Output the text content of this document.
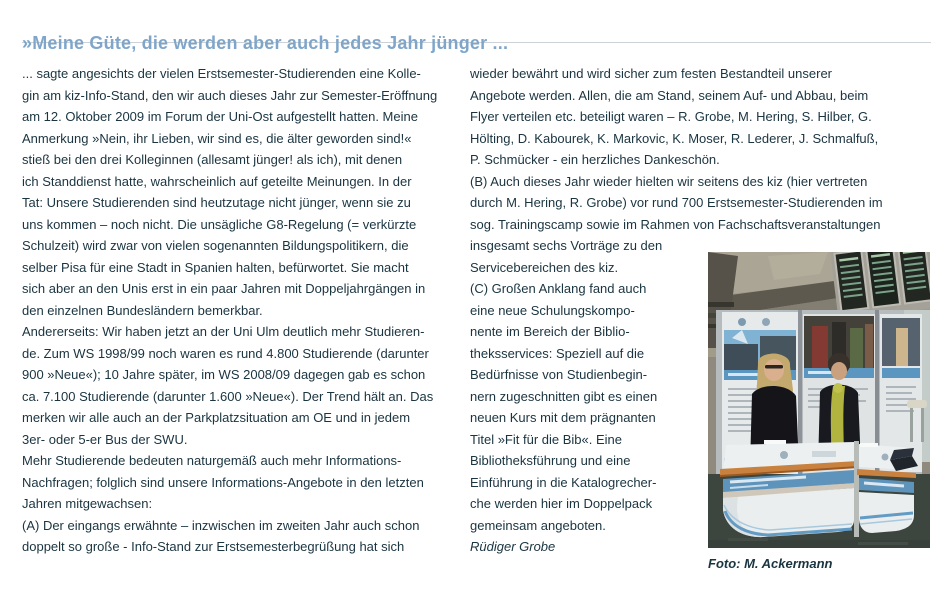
»Meine Güte, die werden aber auch jedes Jahr jünger ...
... sagte angesichts der vielen Erstsemester-Studierenden eine Kolle-
gin am kiz-Info-Stand, den wir auch dieses Jahr zur Semester-Eröffnung
am 12. Oktober 2009 im Forum der Uni-Ost aufgestellt hatten. Meine
Anmerkung »Nein, ihr Lieben, wir sind es, die älter geworden sind!«
stieß bei den drei Kolleginnen (allesamt jünger! als ich), mit denen
ich Standdienst hatte, wahrscheinlich auf geteilte Meinungen. In der
Tat: Unsere Studierenden sind heutzutage nicht jünger, wenn sie zu
uns kommen – noch nicht. Die unsägliche G8-Regelung (= verkürzte
Schulzeit) wird zwar von vielen sogenannten Bildungspolitikern, die
selber Pisa für eine Stadt in Spanien halten, befürwortet. Sie macht
sich aber an den Unis erst in ein paar Jahren mit Doppeljahrgängen in
den einzelnen Bundesländern bemerkbar.
Andererseits: Wir haben jetzt an der Uni Ulm deutlich mehr Studieren-
de. Zum WS 1998/99 noch waren es rund 4.800 Studierende (darunter
900 »Neue«); 10 Jahre später, im WS 2008/09 dagegen gab es schon
ca. 7.100 Studierende (darunter 1.600 »Neue«). Der Trend hält an. Das
merken wir alle auch an der Parkplatzsituation am OE und in jedem
3er- oder 5-er Bus der SWU.
Mehr Studierende bedeuten naturgemäß auch mehr Informations-
Nachfragen; folglich sind unsere Informations-Angebote in den letzten
Jahren mitgewachsen:
(A) Der eingangs erwähnte – inzwischen im zweiten Jahr auch schon
doppelt so große - Info-Stand zur Erstsemesterbegrüßung hat sich
wieder bewährt und wird sicher zum festen Bestandteil unserer
Angebote werden. Allen, die am Stand, seinem Auf- und Abbau, beim
Flyer verteilen etc. beteiligt waren – R. Grobe, M. Hering, S. Hilber, G.
Hölting, D. Kabourek, K. Markovic, K. Moser, R. Lederer, J. Schmalfuß,
P. Schmücker - ein herzliches Dankeschön.
(B) Auch dieses Jahr wieder hielten wir seitens des kiz (hier vertreten
durch M. Hering, R. Grobe) vor rund 700 Erstsemester-Studierenden im
sog. Trainingscamp sowie im Rahmen von Fachschaftsveranstaltungen
insgesamt sechs Vorträge zu den
Servicebereichen des kiz.
(C) Großen Anklang fand auch
eine neue Schulungskompo-
nente im Bereich der Biblio-
theksservices: Speziell auf die
Bedürfnisse von Studienbegin-
nern zugeschnitten gibt es einen
neuen Kurs mit dem prägnanten
Titel »Fit für die Bib«. Eine
Bibliotheksführung und eine
Einführung in die Katalogrecher-
che werden hier im Doppelpack
gemeinsam angeboten.
Rüdiger Grobe
Foto: M. Ackermann
